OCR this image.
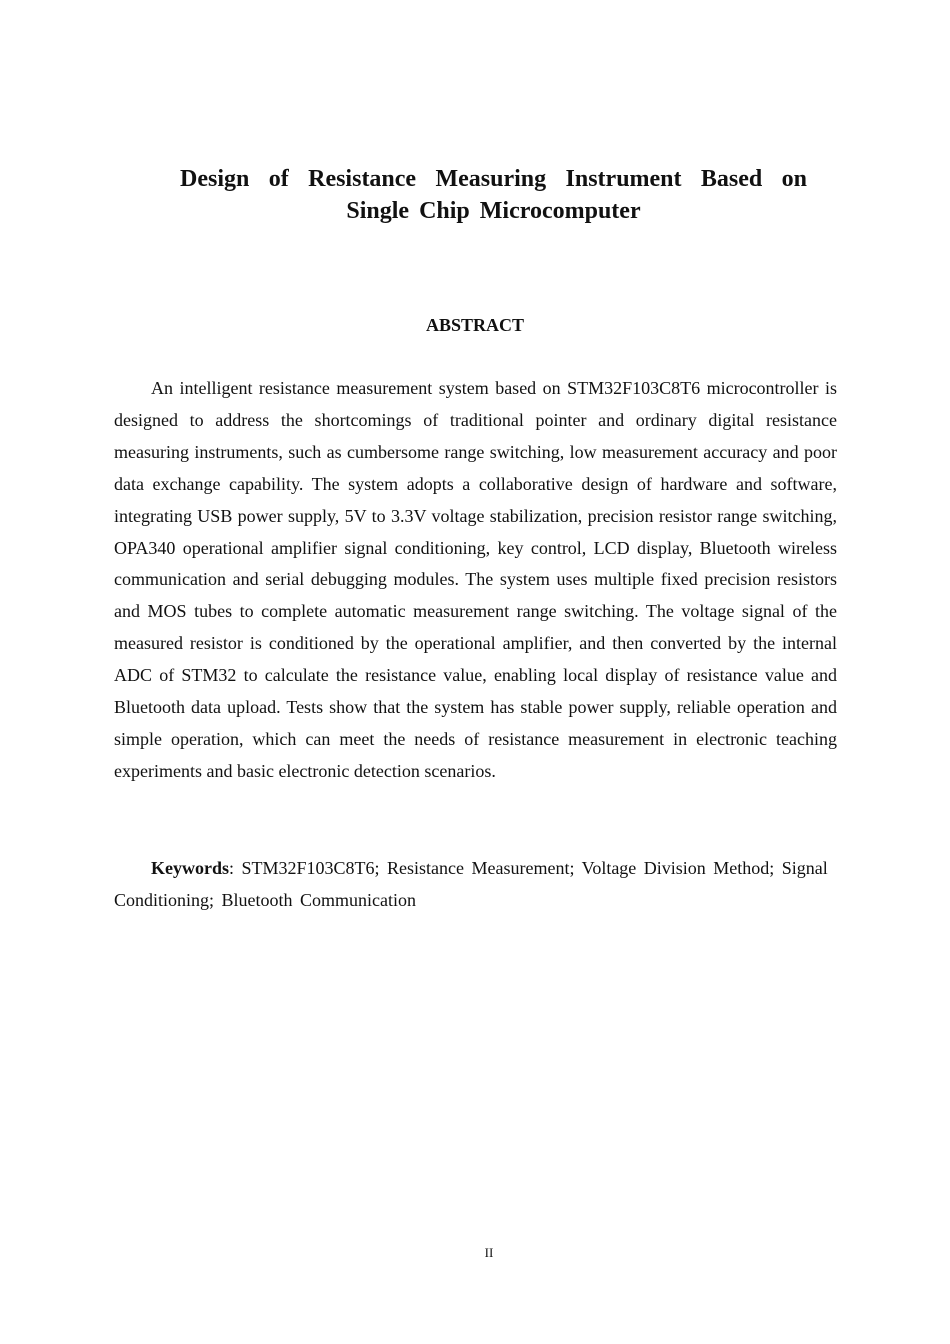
Design of Resistance Measuring Instrument Based on
Single Chip Microcomputer
ABSTRACT

An intelligent resistance measurement system based on STM32F103C8T6 microcontroller is designed to address the shortcomings of traditional pointer and ordinary digital resistance measuring instruments, such as cumbersome range switching, low measurement accuracy and poor data exchange capability. The system adopts a collaborative design of hardware and software, integrating USB power supply, 5V to 3.3V voltage stabilization, precision resistor range switching, OPA340 operational amplifier signal conditioning, key control, LCD display, Bluetooth wireless communication and serial debugging modules. The system uses multiple fixed precision resistors and MOS tubes to complete automatic measurement range switching. The voltage signal of the measured resistor is conditioned by the operational amplifier, and then converted by the internal ADC of STM32 to calculate the resistance value, enabling local display of resistance value and Bluetooth data upload. Tests show that the system has stable power supply, reliable operation and simple operation, which can meet the needs of resistance measurement in electronic teaching experiments and basic electronic detection scenarios.

Keywords: STM32F103C8T6; Resistance Measurement; Voltage Division Method; Signal Conditioning; Bluetooth Communication

II
